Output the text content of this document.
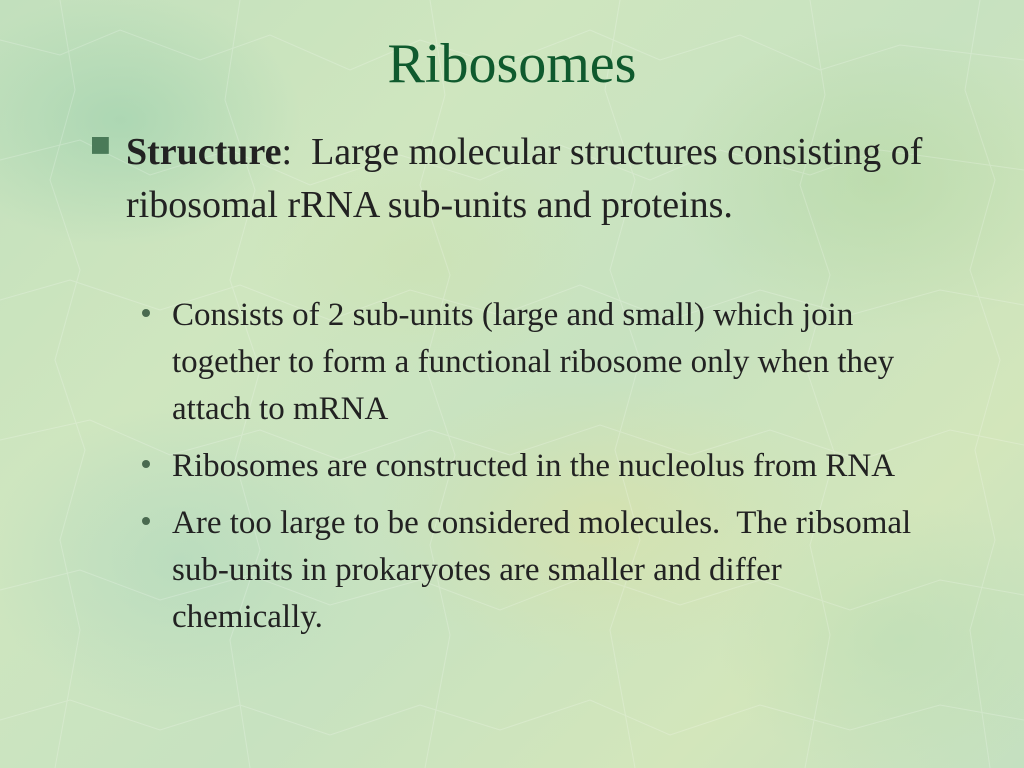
Ribosomes
■ Structure:  Large molecular structures consisting of ribosomal rRNA sub-units and proteins.
Consists of 2 sub-units (large and small) which join together to form a functional ribosome only when they attach to mRNA
Ribosomes are constructed in the nucleolus from RNA
Are too large to be considered molecules.  The ribsomal sub-units in prokaryotes are smaller and differ chemically.
